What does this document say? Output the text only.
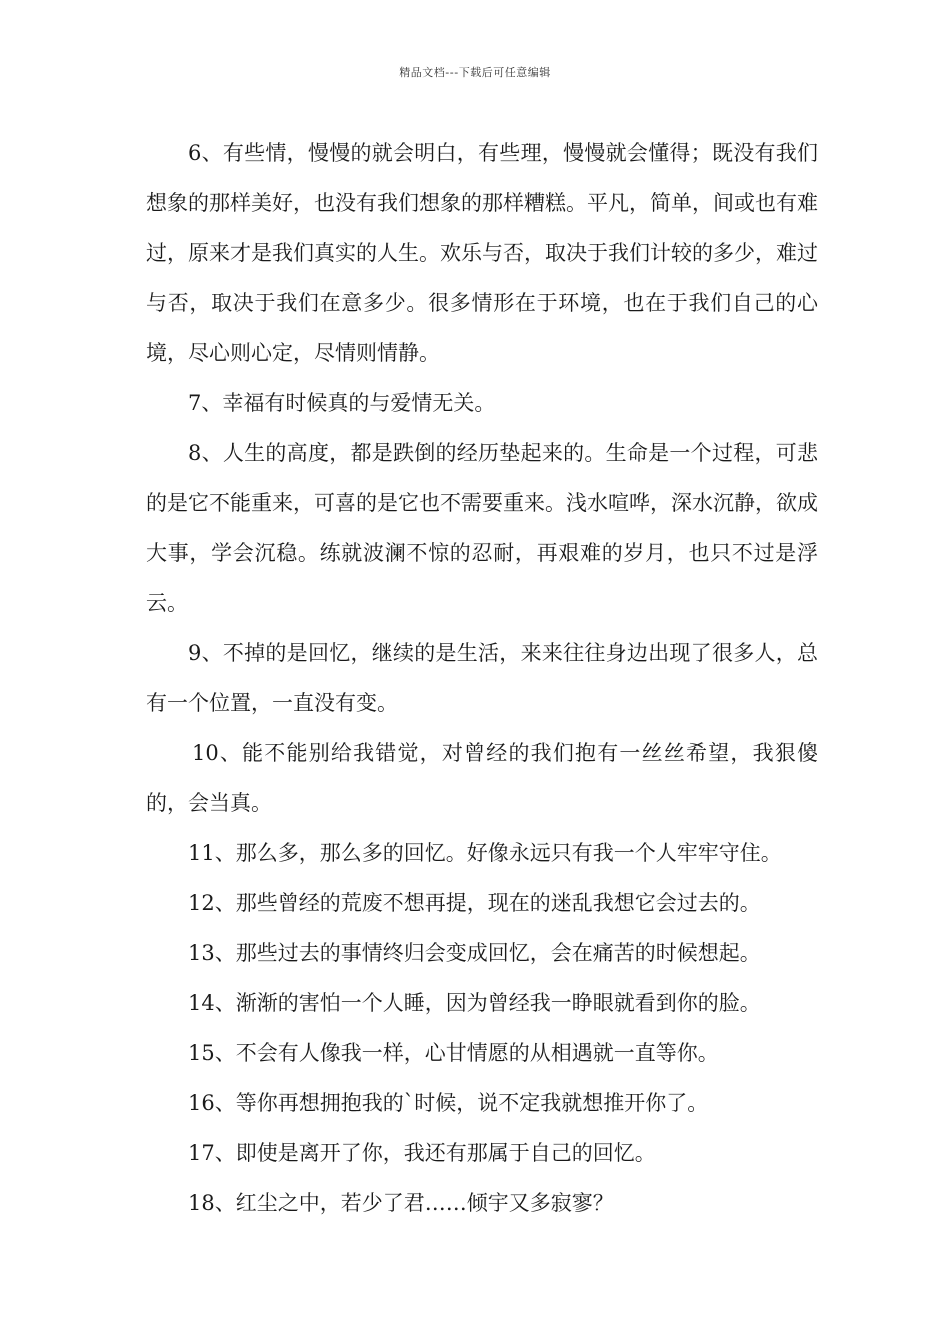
精品文档---下载后可任意编辑

6、有些情，慢慢的就会明白，有些理，慢慢就会懂得；既没有我们想象的那样美好，也没有我们想象的那样糟糕。平凡，简单，间或也有难过，原来才是我们真实的人生。欢乐与否，取决于我们计较的多少，难过与否，取决于我们在意多少。很多情形在于环境，也在于我们自己的心境，尽心则心定，尽情则情静。

7、幸福有时候真的与爱情无关。

8、人生的高度，都是跌倒的经历垫起来的。生命是一个过程，可悲的是它不能重来，可喜的是它也不需要重来。浅水喧哗，深水沉静，欲成大事，学会沉稳。练就波澜不惊的忍耐，再艰难的岁月，也只不过是浮云。

9、不掉的是回忆，继续的是生活，来来往往身边出现了很多人，总有一个位置，一直没有变。

10、能不能别给我错觉，对曾经的我们抱有一丝丝希望，我狠傻的，会当真。

11、那么多，那么多的回忆。好像永远只有我一个人牢牢守住。

12、那些曾经的荒废不想再提，现在的迷乱我想它会过去的。

13、那些过去的事情终归会变成回忆，会在痛苦的时候想起。

14、渐渐的害怕一个人睡，因为曾经我一睁眼就看到你的脸。

15、不会有人像我一样，心甘情愿的从相遇就一直等你。

16、等你再想拥抱我的`时候，说不定我就想推开你了。

17、即使是离开了你，我还有那属于自己的回忆。

18、红尘之中，若少了君……倾宇又多寂寥？
